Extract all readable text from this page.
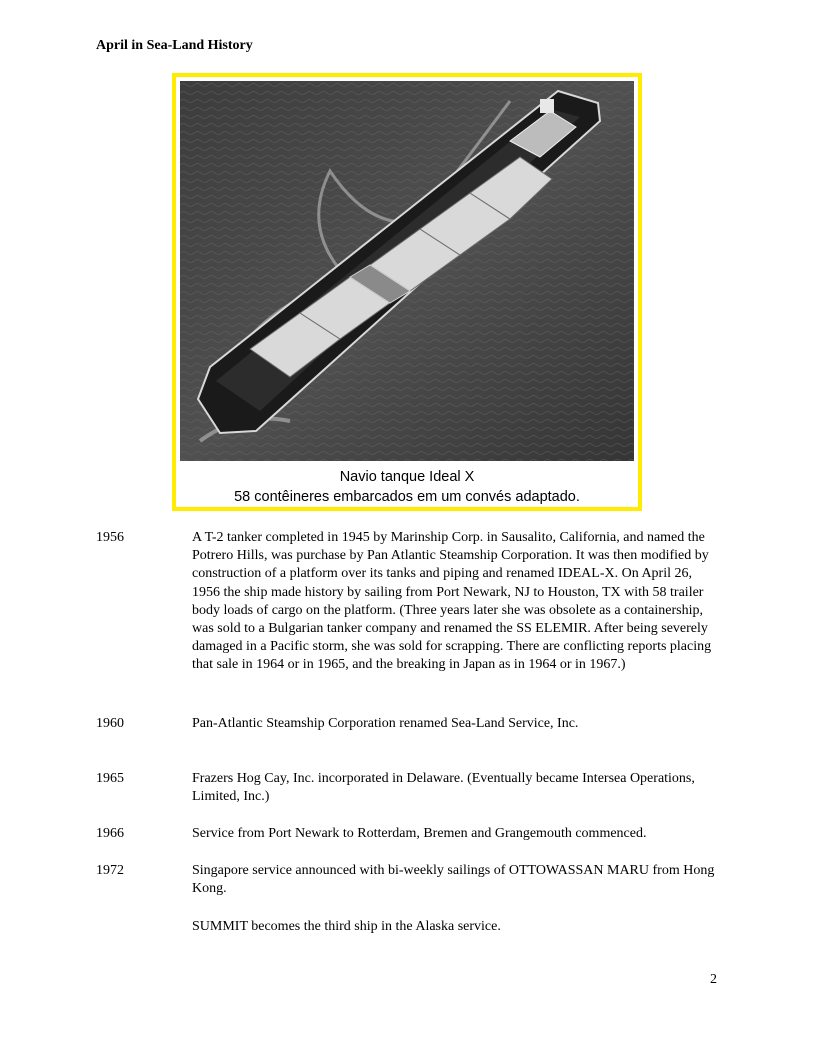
April in Sea-Land History
Navio tanque Ideal X
58 contêineres embarcados em um convés adaptado.
1956	A T-2 tanker completed in 1945 by Marinship Corp. in Sausalito, California, and named the Potrero Hills, was purchase by Pan Atlantic Steamship Corporation. It was then modified by construction of a platform over its tanks and piping and renamed IDEAL-X. On April 26, 1956 the ship made history by sailing from Port Newark, NJ to Houston, TX with 58 trailer body loads of cargo on the platform. (Three years later she was obsolete as a containership, was sold to a Bulgarian tanker company and renamed the SS ELEMIR. After being severely damaged in a Pacific storm, she was sold for scrapping. There are conflicting reports placing that sale in 1964 or in 1965, and the breaking in Japan as in 1964 or in 1967.)
1960	Pan-Atlantic Steamship Corporation renamed Sea-Land Service, Inc.
1965	Frazers Hog Cay, Inc. incorporated in Delaware. (Eventually became Intersea Operations, Limited, Inc.)
1966	Service from Port Newark to Rotterdam, Bremen and Grangemouth commenced.
1972	Singapore service announced with bi-weekly sailings of OTTOWASSAN MARU from Hong Kong.
SUMMIT becomes the third ship in the Alaska service.
2
